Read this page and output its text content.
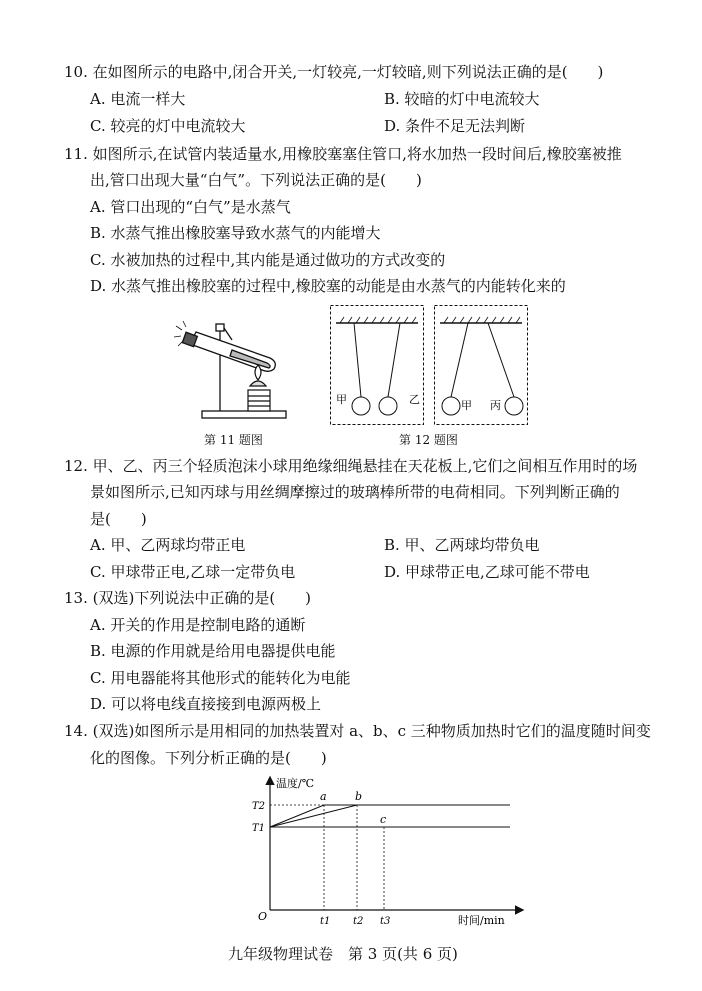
10. 在如图所示的电路中,闭合开关,一灯较亮,一灯较暗,则下列说法正确的是(　　)
A. 电流一样大	B. 较暗的灯中电流较大
C. 较亮的灯中电流较大	D. 条件不足无法判断
11. 如图所示,在试管内装适量水,用橡胶塞塞住管口,将水加热一段时间后,橡胶塞被推
出,管口出现大量“白气”。下列说法正确的是(　　)
A. 管口出现的“白气”是水蒸气
B. 水蒸气推出橡胶塞导致水蒸气的内能增大
C. 水被加热的过程中,其内能是通过做功的方式改变的
D. 水蒸气推出橡胶塞的过程中,橡胶塞的动能是由水蒸气的内能转化来的
甲	乙	甲 丙
第 11 题图	第 12 题图
12. 甲、乙、丙三个轻质泡沫小球用绝缘细绳悬挂在天花板上,它们之间相互作用时的场
景如图所示,已知丙球与用丝绸摩擦过的玻璃棒所带的电荷相同。下列判断正确的
是(　　)
A. 甲、乙两球均带正电	B. 甲、乙两球均带负电
C. 甲球带正电,乙球一定带负电	D. 甲球带正电,乙球可能不带电
13. (双选)下列说法中正确的是(　　)
A. 开关的作用是控制电路的通断
B. 电源的作用就是给用电器提供电能
C. 用电器能将其他形式的能转化为电能
D. 可以将电线直接接到电源两极上
14. (双选)如图所示是用相同的加热装置对 a、b、c 三种物质加热时它们的温度随时间变
化的图像。下列分析正确的是(　　)
温度/℃
时间/min
O
T2
T1
t1 t2 t3
a	b
c
九年级物理试卷　第 3 页(共 6 页)
